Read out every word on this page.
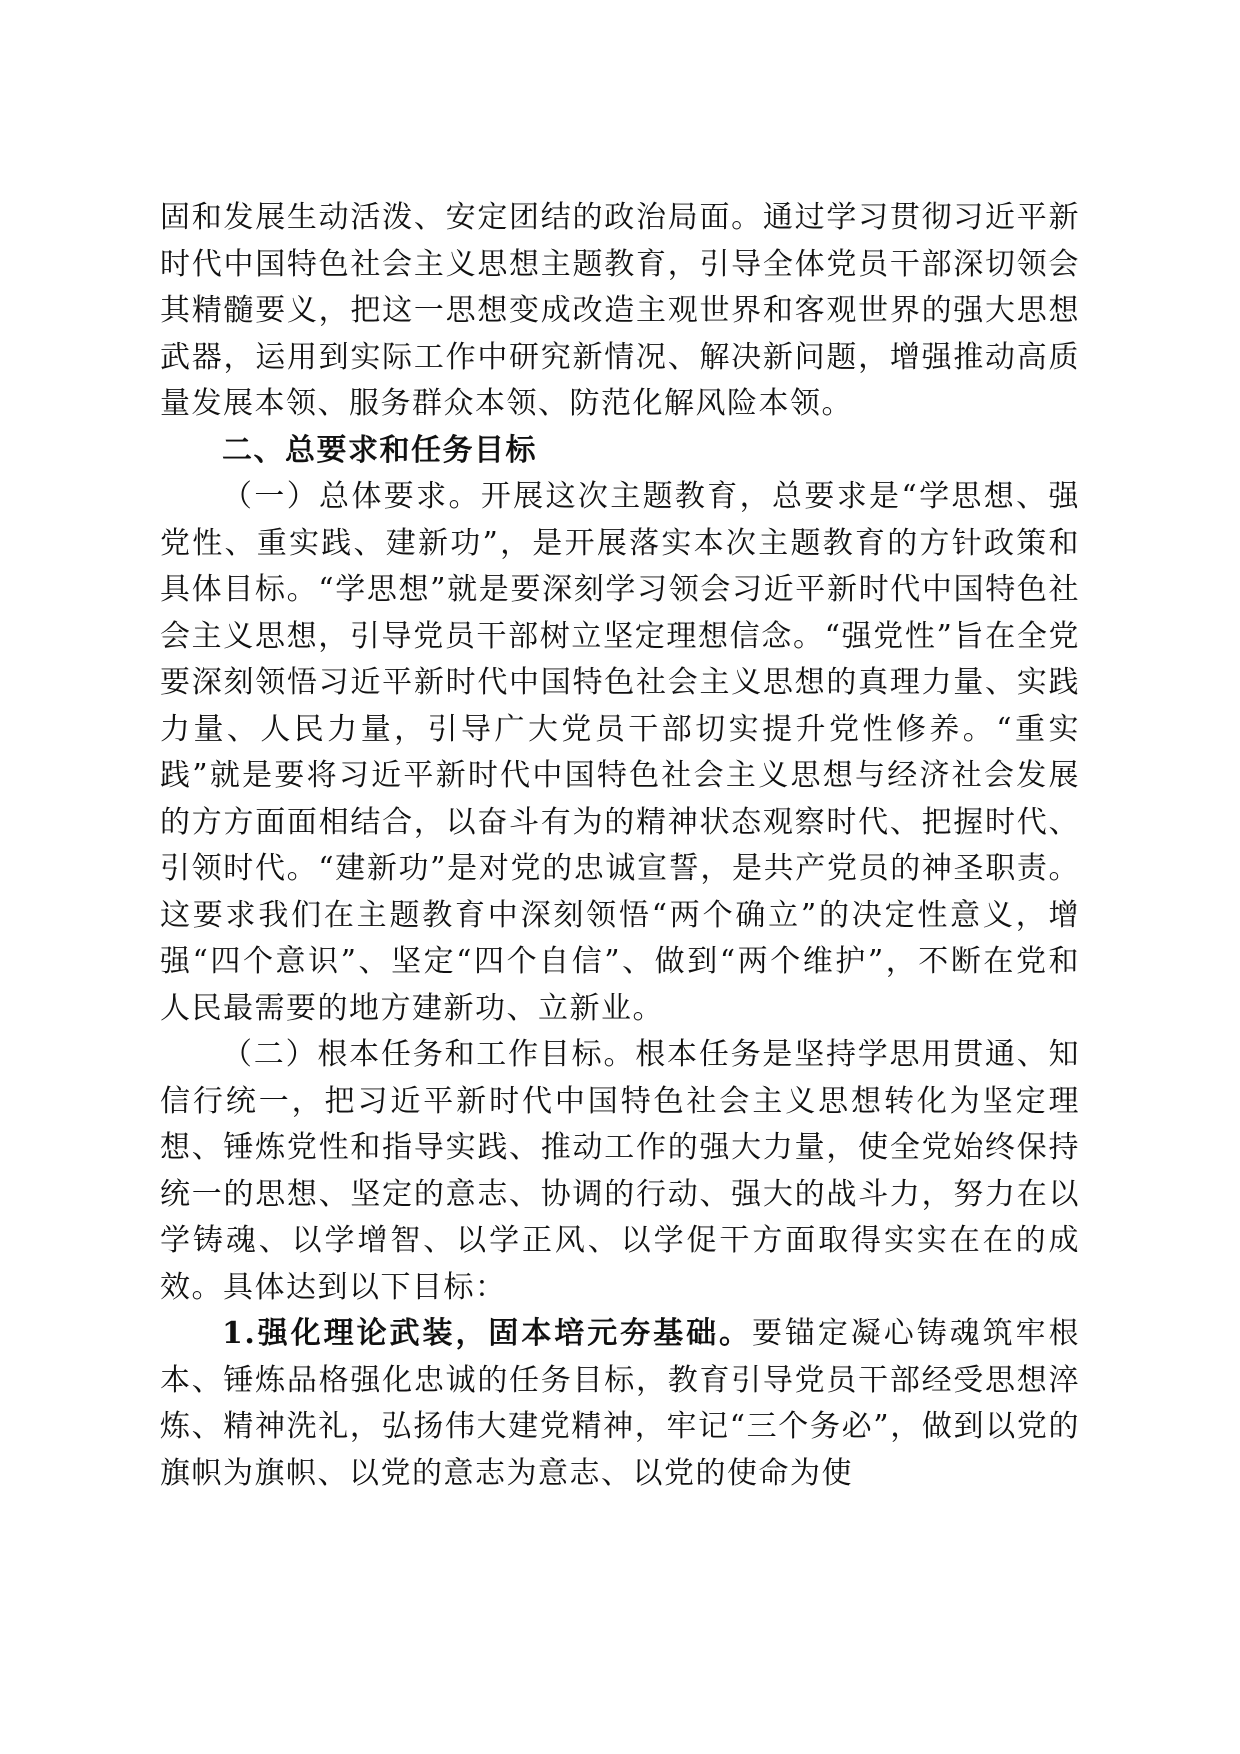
固和发展生动活泼、安定团结的政治局面。通过学习贯彻习近平新时代中国特色社会主义思想主题教育，引导全体党员干部深切领会其精髓要义，把这一思想变成改造主观世界和客观世界的强大思想武器，运用到实际工作中研究新情况、解决新问题，增强推动高质量发展本领、服务群众本领、防范化解风险本领。

二、总要求和任务目标

（一）总体要求。开展这次主题教育，总要求是“学思想、强党性、重实践、建新功”，是开展落实本次主题教育的方针政策和具体目标。“学思想”就是要深刻学习领会习近平新时代中国特色社会主义思想，引导党员干部树立坚定理想信念。“强党性”旨在全党要深刻领悟习近平新时代中国特色社会主义思想的真理力量、实践力量、人民力量，引导广大党员干部切实提升党性修养。“重实践”就是要将习近平新时代中国特色社会主义思想与经济社会发展的方方面面相结合，以奋斗有为的精神状态观察时代、把握时代、引领时代。“建新功”是对党的忠诚宣誓，是共产党员的神圣职责。这要求我们在主题教育中深刻领悟“两个确立”的决定性意义，增强“四个意识”、坚定“四个自信”、做到“两个维护”，不断在党和人民最需要的地方建新功、立新业。

（二）根本任务和工作目标。根本任务是坚持学思用贯通、知信行统一，把习近平新时代中国特色社会主义思想转化为坚定理想、锤炼党性和指导实践、推动工作的强大力量，使全党始终保持统一的思想、坚定的意志、协调的行动、强大的战斗力，努力在以学铸魂、以学增智、以学正风、以学促干方面取得实实在在的成效。具体达到以下目标：

1.强化理论武装，固本培元夯基础。要锚定凝心铸魂筑牢根本、锤炼品格强化忠诚的任务目标，教育引导党员干部经受思想淬炼、精神洗礼，弘扬伟大建党精神，牢记“三个务必”，做到以党的旗帜为旗帜、以党的意志为意志、以党的使命为使
